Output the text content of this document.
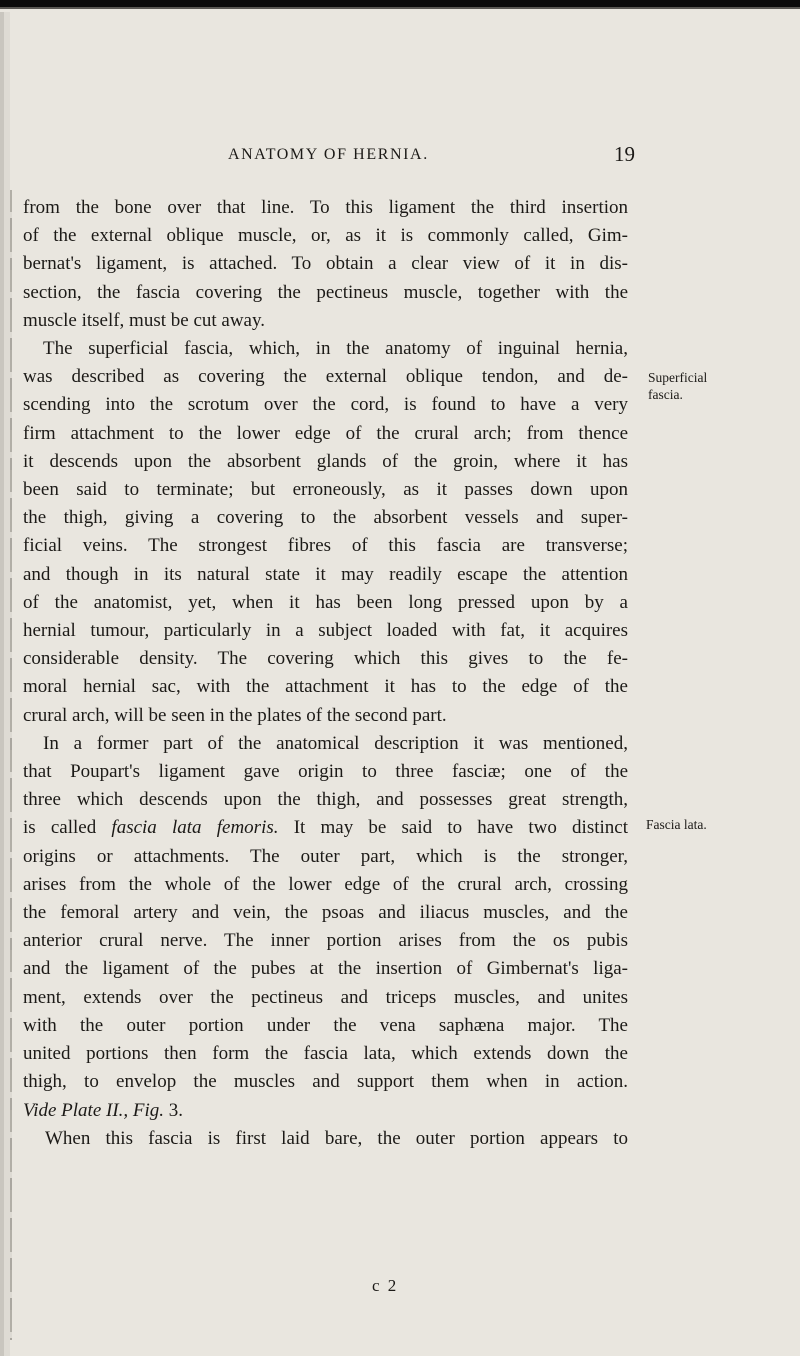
ANATOMY OF HERNIA.	19
from the bone over that line. To this ligament the third insertion
of the external oblique muscle, or, as it is commonly called, Gim-
bernat's ligament, is attached. To obtain a clear view of it in dis-
section, the fascia covering the pectineus muscle, together with the
muscle itself, must be cut away.
The superficial fascia, which, in the anatomy of inguinal hernia,
was described as covering the external oblique tendon, and de-
scending into the scrotum over the cord, is found to have a very
firm attachment to the lower edge of the crural arch; from thence
it descends upon the absorbent glands of the groin, where it has
been said to terminate; but erroneously, as it passes down upon
the thigh, giving a covering to the absorbent vessels and super-
ficial veins. The strongest fibres of this fascia are transverse;
and though in its natural state it may readily escape the attention
of the anatomist, yet, when it has been long pressed upon by a
hernial tumour, particularly in a subject loaded with fat, it acquires
considerable density. The covering which this gives to the fe-
moral hernial sac, with the attachment it has to the edge of the
crural arch, will be seen in the plates of the second part.
In a former part of the anatomical description it was mentioned,
that Poupart's ligament gave origin to three fasciæ; one of the
three which descends upon the thigh, and possesses great strength,
is called fascia lata femoris. It may be said to have two distinct
origins or attachments. The outer part, which is the stronger,
arises from the whole of the lower edge of the crural arch, crossing
the femoral artery and vein, the psoas and iliacus muscles, and the
anterior crural nerve. The inner portion arises from the os pubis
and the ligament of the pubes at the insertion of Gimbernat's liga-
ment, extends over the pectineus and triceps muscles, and unites
with the outer portion under the vena saphæna major. The
united portions then form the fascia lata, which extends down the
thigh, to envelop the muscles and support them when in action.
Vide Plate II., Fig. 3.
When this fascia is first laid bare, the outer portion appears to
Superficial
fascia.
Fascia lata.
c 2
